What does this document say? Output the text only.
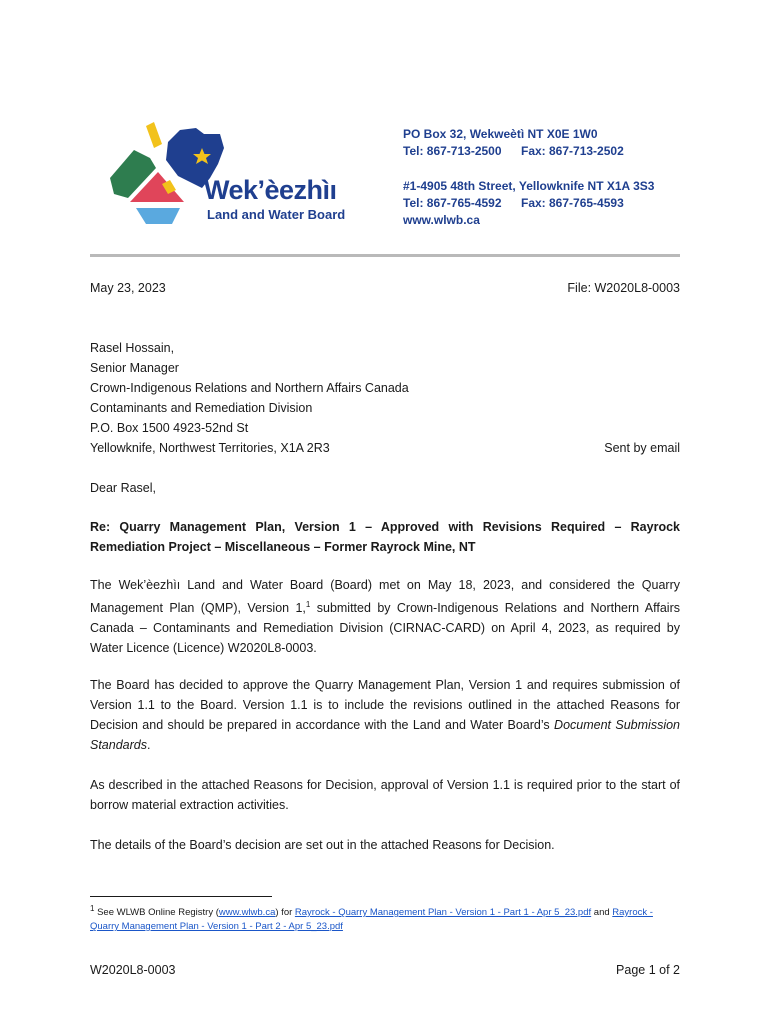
Wek’èezhìı
Land and Water Board
PO Box 32, Wekweètì NT X0E 1W0
Tel: 867-713-2500 Fax: 867-713-2502
#1-4905 48th Street, Yellowknife NT X1A 3S3
Tel: 867-765-4592 Fax: 867-765-4593
www.wlwb.ca
May 23, 2023	File: W2020L8-0003
Rasel Hossain,
Senior Manager
Crown-Indigenous Relations and Northern Affairs Canada
Contaminants and Remediation Division
P.O. Box 1500 4923-52nd St
Yellowknife, Northwest Territories, X1A 2R3	Sent by email
Dear Rasel,
Re: Quarry Management Plan, Version 1 – Approved with Revisions Required – Rayrock Remediation Project – Miscellaneous – Former Rayrock Mine, NT
The Wek’èezhìı Land and Water Board (Board) met on May 18, 2023, and considered the Quarry Management Plan (QMP), Version 1,$^1$ submitted by Crown-Indigenous Relations and Northern Affairs Canada – Contaminants and Remediation Division (CIRNAC-CARD) on April 4, 2023, as required by Water Licence (Licence) W2020L8-0003.
The Board has decided to approve the Quarry Management Plan, Version 1 and requires submission of Version 1.1 to the Board. Version 1.1 is to include the revisions outlined in the attached Reasons for Decision and should be prepared in accordance with the Land and Water Board’s Document Submission Standards.
As described in the attached Reasons for Decision, approval of Version 1.1 is required prior to the start of borrow material extraction activities.
The details of the Board’s decision are set out in the attached Reasons for Decision.
$^1$ See WLWB Online Registry (www.wlwb.ca) for Rayrock - Quarry Management Plan - Version 1 - Part 1 - Apr 5_23.pdf and Rayrock - Quarry Management Plan - Version 1 - Part 2 - Apr 5_23.pdf
W2020L8-0003	Page 1 of 2
